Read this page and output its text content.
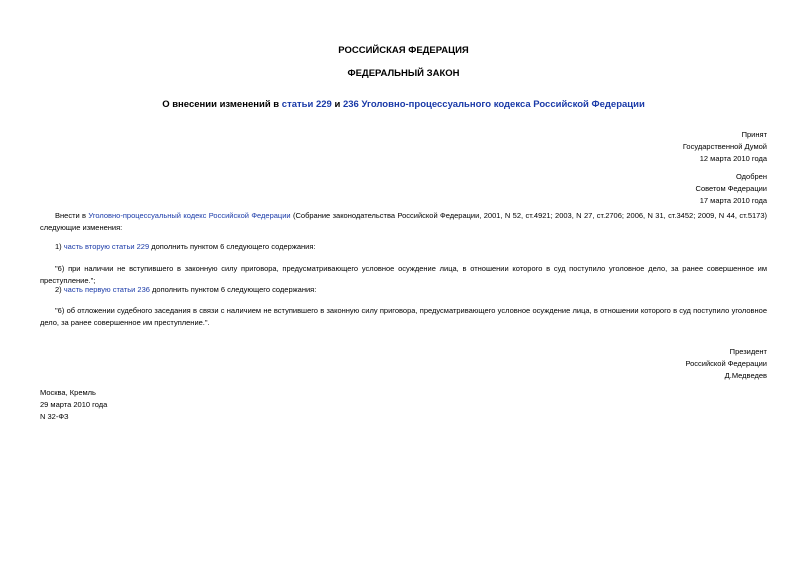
РОССИЙСКАЯ ФЕДЕРАЦИЯ
ФЕДЕРАЛЬНЫЙ ЗАКОН
О внесении изменений в статьи 229 и 236 Уголовно-процессуального кодекса Российской Федерации
Принят
Государственной Думой
12 марта 2010 года
Одобрен
Советом Федерации
17 марта 2010 года
Внести в Уголовно-процессуальный кодекс Российской Федерации (Собрание законодательства Российской Федерации, 2001, N 52, ст.4921; 2003, N 27, ст.2706; 2006, N 31, ст.3452; 2009, N 44, ст.5173) следующие изменения:
1) часть вторую статьи 229 дополнить пунктом 6 следующего содержания:
"6) при наличии не вступившего в законную силу приговора, предусматривающего условное осуждение лица, в отношении которого в суд поступило уголовное дело, за ранее совершенное им преступление.";
2) часть первую статьи 236 дополнить пунктом 6 следующего содержания:
"6) об отложении судебного заседания в связи с наличием не вступившего в законную силу приговора, предусматривающего условное осуждение лица, в отношении которого в суд поступило уголовное дело, за ранее совершенное им преступление.".
Президент
Российской Федерации
Д.Медведев
Москва, Кремль
29 марта 2010 года
N 32-ФЗ
